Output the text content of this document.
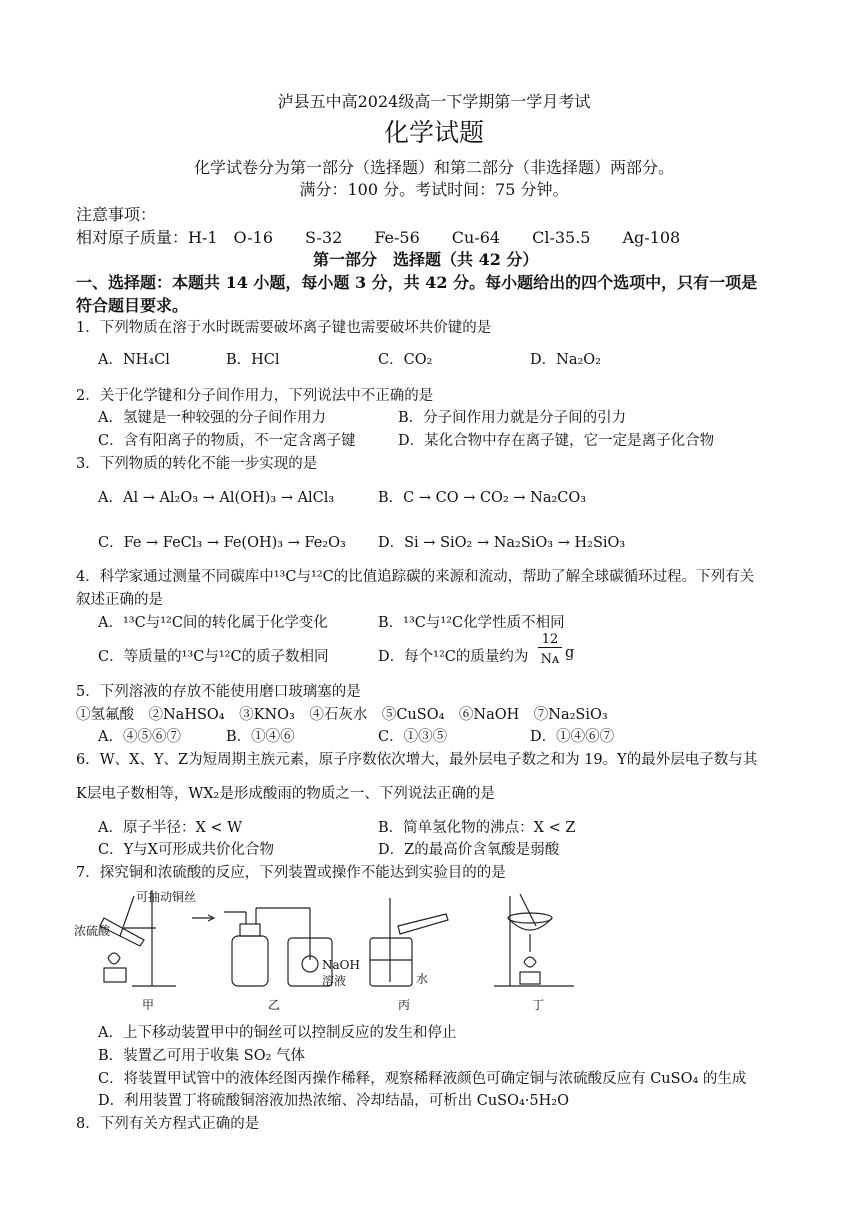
泸县五中高2024级高一下学期第一学月考试
化学试题
化学试卷分为第一部分（选择题）和第二部分（非选择题）两部分。
满分：100 分。考试时间：75 分钟。
注意事项：
相对原子质量：H-1　O-16　　S-32　　Fe-56　　Cu-64　　Cl-35.5　　Ag-108
第一部分　选择题（共 42 分）
一、选择题：本题共 14 小题，每小题 3 分，共 42 分。每小题给出的四个选项中，只有一项是
符合题目要求。
1．下列物质在溶于水时既需要破坏离子键也需要破坏共价键的是
A．NH₄Cl	B．HCl	C．CO₂	D．Na₂O₂
2．关于化学键和分子间作用力，下列说法中不正确的是
A．氢键是一种较强的分子间作用力	B．分子间作用力就是分子间的引力
C．含有阳离子的物质，不一定含离子键	D．某化合物中存在离子键，它一定是离子化合物
3．下列物质的转化不能一步实现的是
A．Al → Al₂O₃ → Al(OH)₃ → AlCl₃	B．C → CO → CO₂ → Na₂CO₃
C．Fe → FeCl₃ → Fe(OH)₃ → Fe₂O₃ D．Si → SiO₂ → Na₂SiO₃ → H₂SiO₃
4．科学家通过测量不同碳库中¹³C与¹²C的比值追踪碳的来源和流动，帮助了解全球碳循环过程。下列有关
叙述正确的是
A．¹³C与¹²C间的转化属于化学变化	B．¹³C与¹²C化学性质不相同
C．等质量的¹³C与¹²C的质子数相同	D．每个¹²C的质量约为
12
Nᴀ g
5．下列溶液的存放不能使用磨口玻璃塞的是
①氢氟酸　②NaHSO₄　③KNO₃　④石灰水　⑤CuSO₄　⑥NaOH　⑦Na₂SiO₃
A．④⑤⑥⑦	B．①④⑥	C．①③⑤	D．①④⑥⑦
6．W、X、Y、Z为短周期主族元素，原子序数依次增大，最外层电子数之和为 19。Y的最外层电子数与其
K层电子数相等，WX₂是形成酸雨的物质之一、下列说法正确的是
A．原子半径：X < W	B．简单氢化物的沸点：X < Z
C．Y与X可形成共价化合物	D．Z的最高价含氧酸是弱酸
7．探究铜和浓硫酸的反应，下列装置或操作不能达到实验目的的是
可抽动铜丝
浓硫酸
NaOH
溶液	水
甲	乙	丙	丁
A．上下移动装置甲中的铜丝可以控制反应的发生和停止
B．装置乙可用于收集 SO₂ 气体
C．将装置甲试管中的液体经图丙操作稀释，观察稀释液颜色可确定铜与浓硫酸反应有 CuSO₄ 的生成
D．利用装置丁将硫酸铜溶液加热浓缩、冷却结晶，可析出 CuSO₄·5H₂O
8．下列有关方程式正确的是
